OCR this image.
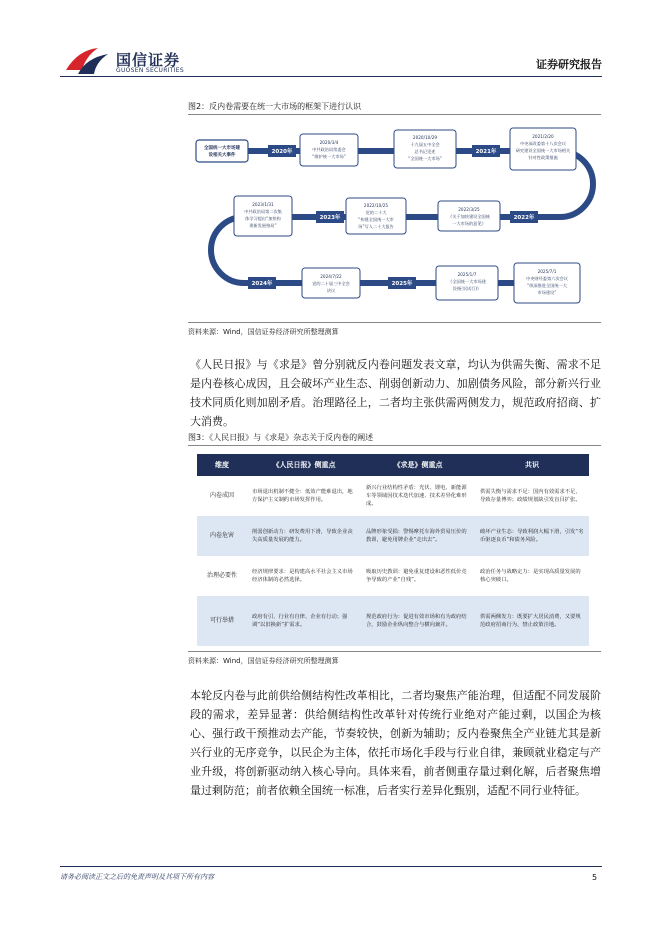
国信证券
GUOSEN SECURITIES	证券研究报告
图2：反内卷需要在统一大市场的框架下进行认识
2020年	2021年
2022年
2023年
2024年	2025年
全国统一大市场建
设相关大事件
2020/3/4
中共政治局常委会
“维护统一大市场”
2020/10/29
十九届五中全会
总书记论述
“全国统一大市场”
2021/2/20
中央深改委第十八次会议
研究建设全国统一大市场相关
针对性政策措施
2022/3/25
《关于加快建设全国统
一大市场的意见》
2022/10/25
党的二十大
“构建全国统一大市
场”写入二十大报告
2023/1/31
中共政治局第二次集
体学习提出“加快构
建新发展格局”
2024/7/22
党的二十届三中全会
决议
2025/1/7
《全国统一大市场建
设指引(试行)》
2025/7/1
中央财经委第六次会议
“纵深推进全国统一大
市场建设”
资料来源：Wind，国信证券经济研究所整理测算
《人民日报》与《求是》曾分别就反内卷问题发表文章，均认为供需失衡、需求不足是内卷核心成因，且会破坏产业生态、削弱创新动力、加剧债务风险，部分新兴行业技术同质化则加剧矛盾。治理路径上，二者均主张供需两侧发力，规范政府招商、扩大消费。
图3：《人民日报》与《求是》杂志关于反内卷的阐述
维度	《人民日报》侧重点	《求是》侧重点	共识
内卷成因	市场退出机制不健全：低效产能难退出，地方保护主义制约市场发挥作用。	新兴行业结构性矛盾：光伏、锂电、新能源车等领域因技术迭代加速、技术差异化难形成。	供需失衡与需求不足：国内有效需求不足，导致存量博弈；政绩规划缺引发盲目扩张。
内卷危害	削弱创新动力：研发费用下滑，导致企业丧失高质量发展的能力。	品牌形象受损：警惕摩托车海外贸易压价的教训，避免用牌企业“走出去”。	破坏产业生态：导致利润大幅下滑，引发“劣币驱逐良币”和债务风险。
治理必要性	经济规律要求：是构建高水平社会主义市场经济体制的必然选择。	吸取历史教训：避免重复建设和恶性低价竞争导致的产业“自残”。	政治任务与战略定力：是实现高质量发展的核心突破口。
可行举措	政府有引、行业有自律、企业有行动；强调“以旧换新”扩需求。	规范政府行为：促进有效市场和有为政府结合，鼓励企业纵向整合与横向兼并。	供需两侧发力：既要扩大居民消费，又要规范政府招商行为，禁止政策洼地。
资料来源：Wind，国信证券经济研究所整理测算
本轮反内卷与此前供给侧结构性改革相比，二者均聚焦产能治理，但适配不同发展阶段的需求，差异显著：供给侧结构性改革针对传统行业绝对产能过剩，以国企为核心、强行政干预推动去产能，节奏较快，创新为辅助；反内卷聚焦全产业链尤其是新兴行业的无序竞争，以民企为主体，依托市场化手段与行业自律，兼顾就业稳定与产业升级，将创新驱动纳入核心导向。具体来看，前者侧重存量过剩化解，后者聚焦增量过剩防范；前者依赖全国统一标准，后者实行差异化甄别，适配不同行业特征。
请务必阅读正文之后的免责声明及其项下所有内容	5
